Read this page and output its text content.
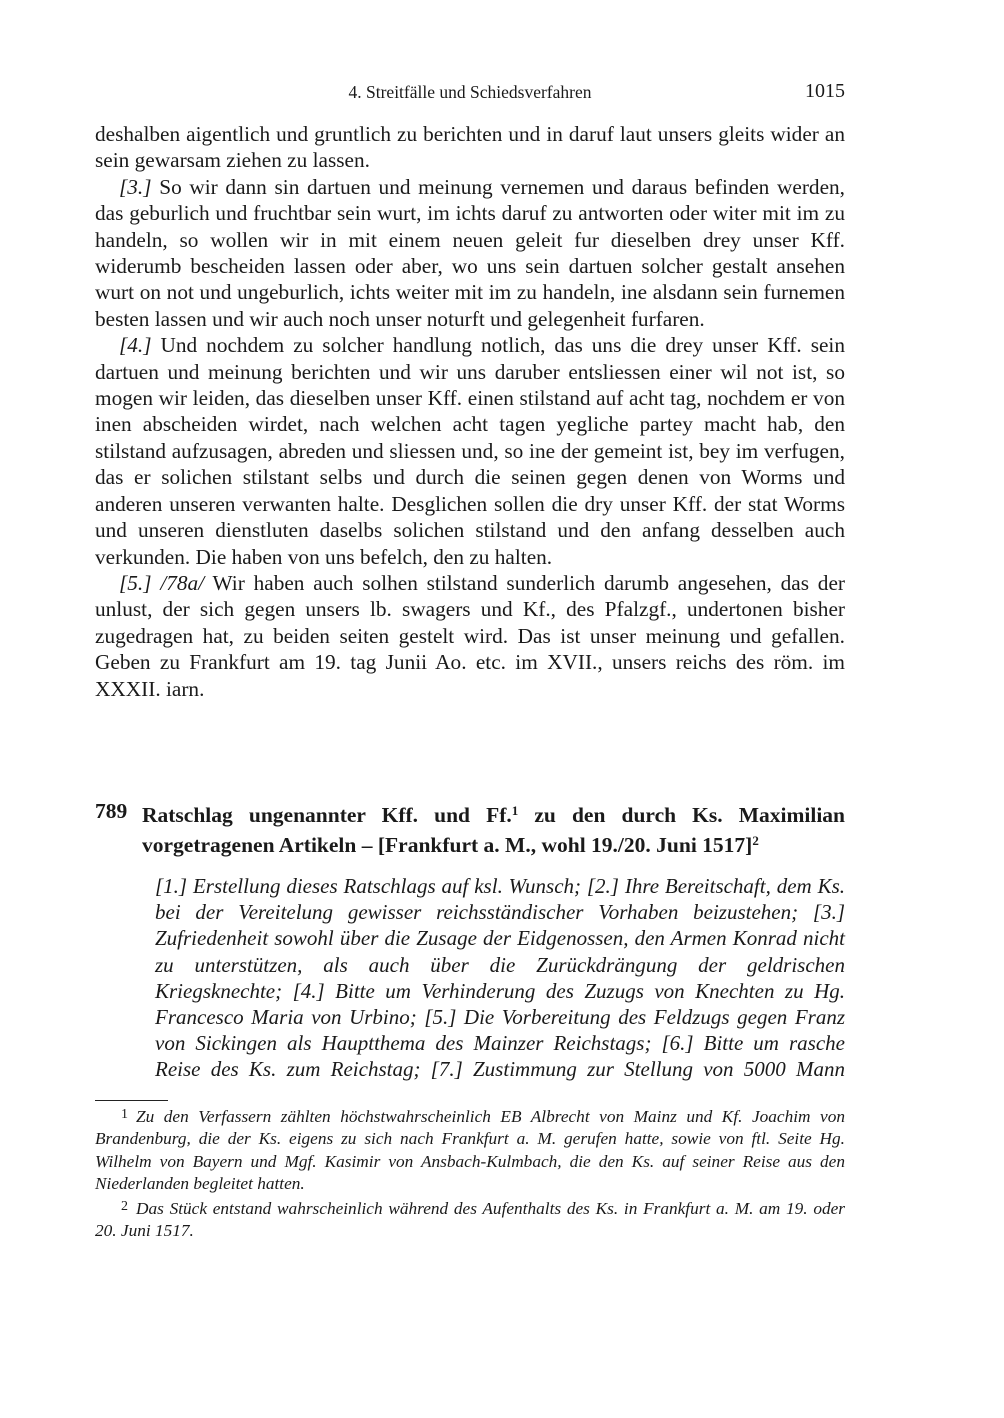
4. Streitfälle und Schiedsverfahren	1015

deshalben aigentlich und gruntlich zu berichten und in daruf laut unsers gleits wider an sein gewarsam ziehen zu lassen.

[3.] So wir dann sin dartuen und meinung vernemen und daraus befinden werden, das geburlich und fruchtbar sein wurt, im ichts daruf zu antworten oder witer mit im zu handeln, so wollen wir in mit einem neuen geleit fur dieselben drey unser Kff. widerumb bescheiden lassen oder aber, wo uns sein dartuen solcher gestalt ansehen wurt on not und ungeburlich, ichts weiter mit im zu handeln, ine alsdann sein furnemen besten lassen und wir auch noch unser noturft und gelegenheit furfaren.

[4.] Und nochdem zu solcher handlung notlich, das uns die drey unser Kff. sein dartuen und meinung berichten und wir uns daruber entsliessen einer wil not ist, so mogen wir leiden, das dieselben unser Kff. einen stilstand auf acht tag, nochdem er von inen abscheiden wirdet, nach welchen acht tagen yegliche partey macht hab, den stilstand aufzusagen, abreden und sliessen und, so ine der gemeint ist, bey im verfugen, das er solichen stilstant selbs und durch die seinen gegen denen von Worms und anderen unseren verwanten halte. Desglichen sollen die dry unser Kff. der stat Worms und unseren dienstluten daselbs solichen stilstand und den anfang desselben auch verkunden. Die haben von uns befelch, den zu halten.

[5.] /78a/ Wir haben auch solhen stilstand sunderlich darumb angesehen, das der unlust, der sich gegen unsers lb. swagers und Kf., des Pfalzgf., undertonen bisher zugedragen hat, zu beiden seiten gestelt wird. Das ist unser meinung und gefallen. Geben zu Frankfurt am 19. tag Junii Ao. etc. im XVII., unsers reichs des röm. im XXXII. iarn.

789 Ratschlag ungenannter Kff. und Ff.$^1$ zu den durch Ks. Maximilian vorgetragenen Artikeln – [Frankfurt a. M., wohl 19./20. Juni 1517]$^2$
[1.] Erstellung dieses Ratschlags auf ksl. Wunsch; [2.] Ihre Bereitschaft, dem Ks. bei der Vereitelung gewisser reichsständischer Vorhaben beizustehen; [3.] Zufriedenheit sowohl über die Zusage der Eidgenossen, den Armen Konrad nicht zu unterstützen, als auch über die Zurückdrängung der geldrischen Kriegsknechte; [4.] Bitte um Verhinderung des Zuzugs von Knechten zu Hg. Francesco Maria von Urbino; [5.] Die Vorbereitung des Feldzugs gegen Franz von Sickingen als Hauptthema des Mainzer Reichstags; [6.] Bitte um rasche Reise des Ks. zum Reichstag; [7.] Zustimmung zur Stellung von 5000 Mann

$^1$ Zu den Verfassern zählten höchstwahrscheinlich EB Albrecht von Mainz und Kf. Joachim von Brandenburg, die der Ks. eigens zu sich nach Frankfurt a. M. gerufen hatte, sowie von ftl. Seite Hg. Wilhelm von Bayern und Mgf. Kasimir von Ansbach-Kulmbach, die den Ks. auf seiner Reise aus den Niederlanden begleitet hatten.

$^2$ Das Stück entstand wahrscheinlich während des Aufenthalts des Ks. in Frankfurt a. M. am 19. oder 20. Juni 1517.
